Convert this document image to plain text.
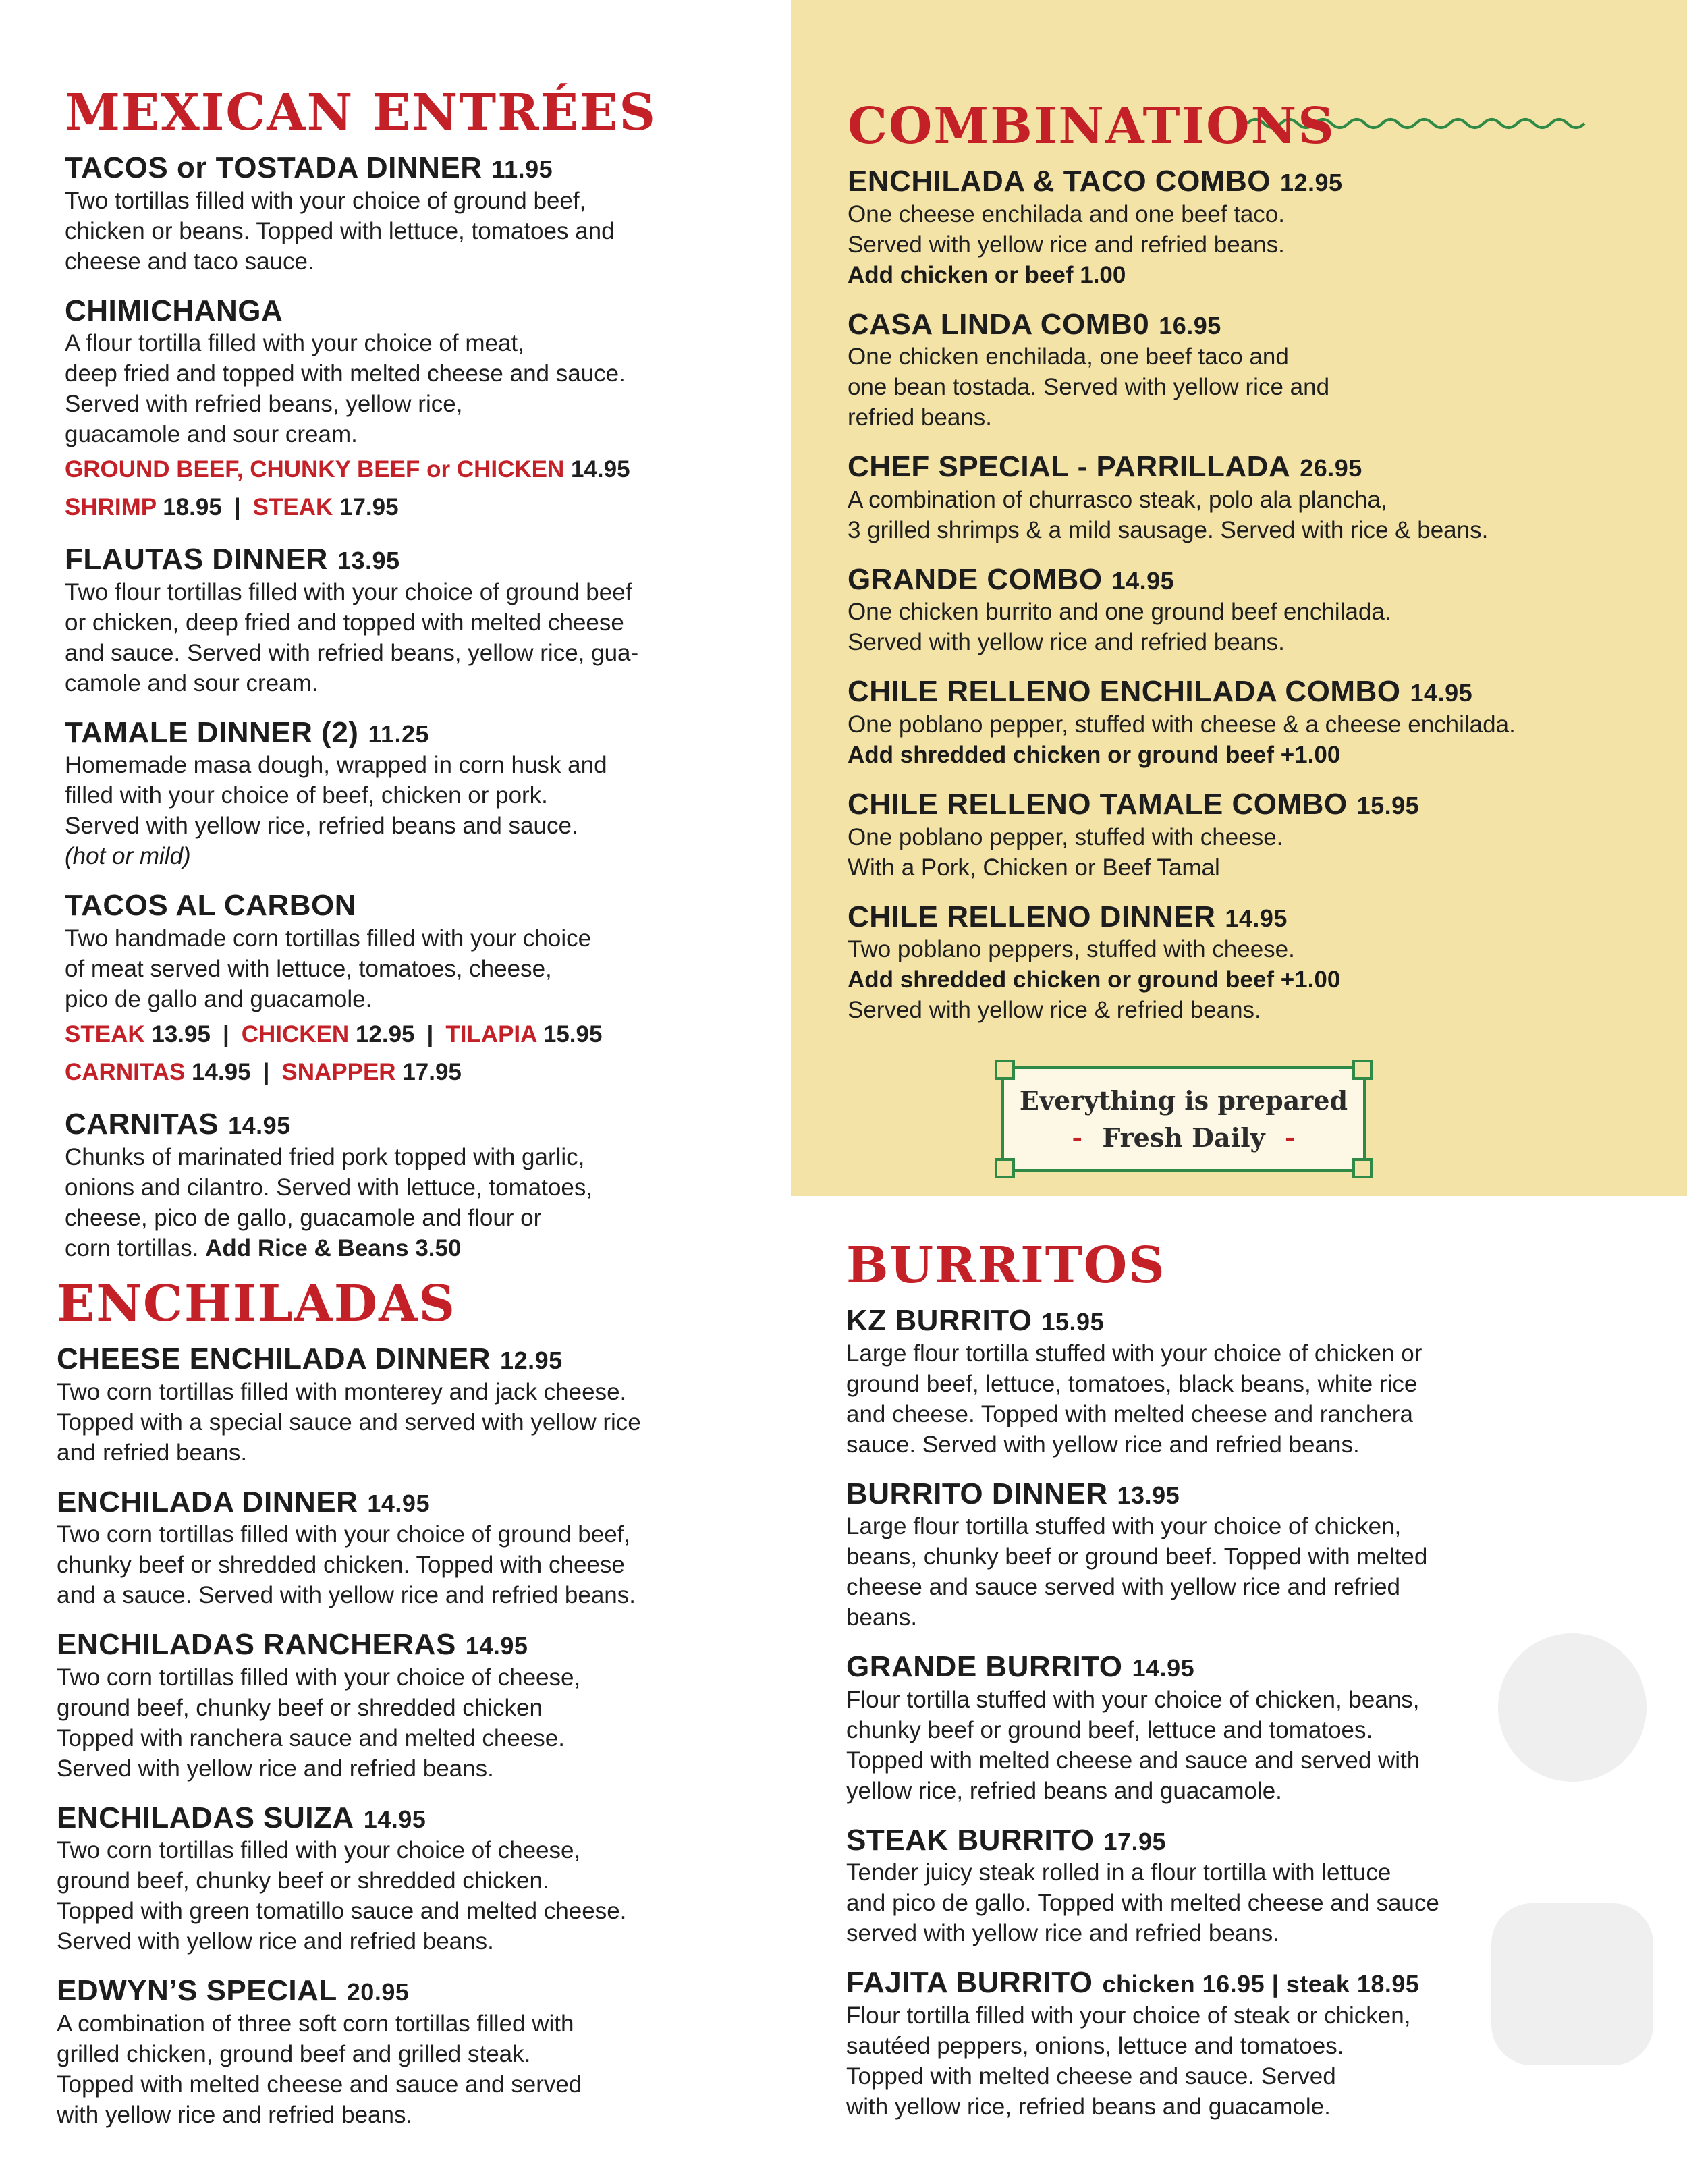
MEXICAN ENTRÉES
TACOS or TOSTADA DINNER 11.95
Two tortillas filled with your choice of ground beef,
chicken or beans. Topped with lettuce, tomatoes and
cheese and taco sauce.
CHIMICHANGA
A flour tortilla filled with your choice of meat,
deep fried and topped with melted cheese and sauce.
Served with refried beans, yellow rice,
guacamole and sour cream.
GROUND BEEF, CHUNKY BEEF or CHICKEN 14.95
SHRIMP 18.95 | STEAK 17.95
FLAUTAS DINNER 13.95
Two flour tortillas filled with your choice of ground beef
or chicken, deep fried and topped with melted cheese
and sauce. Served with refried beans, yellow rice, gua-
camole and sour cream.
TAMALE DINNER (2) 11.25
Homemade masa dough, wrapped in corn husk and
filled with your choice of beef, chicken or pork.
Served with yellow rice, refried beans and sauce.
(hot or mild)
TACOS AL CARBON
Two handmade corn tortillas filled with your choice
of meat served with lettuce, tomatoes, cheese,
pico de gallo and guacamole.
STEAK 13.95 | CHICKEN 12.95 | TILAPIA 15.95
CARNITAS 14.95 | SNAPPER 17.95
CARNITAS 14.95
Chunks of marinated fried pork topped with garlic,
onions and cilantro. Served with lettuce, tomatoes,
cheese, pico de gallo, guacamole and flour or
corn tortillas. Add Rice & Beans 3.50
ENCHILADAS
CHEESE ENCHILADA DINNER 12.95
Two corn tortillas filled with monterey and jack cheese.
Topped with a special sauce and served with yellow rice
and refried beans.
ENCHILADA DINNER 14.95
Two corn tortillas filled with your choice of ground beef,
chunky beef or shredded chicken. Topped with cheese
and a sauce. Served with yellow rice and refried beans.
ENCHILADAS RANCHERAS 14.95
Two corn tortillas filled with your choice of cheese,
ground beef, chunky beef or shredded chicken
Topped with ranchera sauce and melted cheese.
Served with yellow rice and refried beans.
ENCHILADAS SUIZA 14.95
Two corn tortillas filled with your choice of cheese,
ground beef, chunky beef or shredded chicken.
Topped with green tomatillo sauce and melted cheese.
Served with yellow rice and refried beans.
EDWYN’S SPECIAL 20.95
A combination of three soft corn tortillas filled with
grilled chicken, ground beef and grilled steak.
Topped with melted cheese and sauce and served
with yellow rice and refried beans.
COMBINATIONS
ENCHILADA & TACO COMBO 12.95
One cheese enchilada and one beef taco.
Served with yellow rice and refried beans.
Add chicken or beef 1.00
CASA LINDA COMB0 16.95
One chicken enchilada, one beef taco and
one bean tostada. Served with yellow rice and
refried beans.
CHEF SPECIAL - PARRILLADA 26.95
A combination of churrasco steak, polo ala plancha,
3 grilled shrimps & a mild sausage. Served with rice & beans.
GRANDE COMBO 14.95
One chicken burrito and one ground beef enchilada.
Served with yellow rice and refried beans.
CHILE RELLENO ENCHILADA COMBO 14.95
One poblano pepper, stuffed with cheese & a cheese enchilada.
Add shredded chicken or ground beef +1.00
CHILE RELLENO TAMALE COMBO 15.95
One poblano pepper, stuffed with cheese.
With a Pork, Chicken or Beef Tamal
CHILE RELLENO DINNER 14.95
Two poblano peppers, stuffed with cheese.
Add shredded chicken or ground beef +1.00
Served with yellow rice & refried beans.
BURRITOS
KZ BURRITO 15.95
Large flour tortilla stuffed with your choice of chicken or
ground beef, lettuce, tomatoes, black beans, white rice
and cheese. Topped with melted cheese and ranchera
sauce. Served with yellow rice and refried beans.
BURRITO DINNER 13.95
Large flour tortilla stuffed with your choice of chicken,
beans, chunky beef or ground beef. Topped with melted
cheese and sauce served with yellow rice and refried
beans.
GRANDE BURRITO 14.95
Flour tortilla stuffed with your choice of chicken, beans,
chunky beef or ground beef, lettuce and tomatoes.
Topped with melted cheese and sauce and served with
yellow rice, refried beans and guacamole.
STEAK BURRITO 17.95
Tender juicy steak rolled in a flour tortilla with lettuce
and pico de gallo. Topped with melted cheese and sauce
served with yellow rice and refried beans.
FAJITA BURRITO chicken 16.95 | steak 18.95
Flour tortilla filled with your choice of steak or chicken,
sautéed peppers, onions, lettuce and tomatoes.
Topped with melted cheese and sauce. Served
with yellow rice, refried beans and guacamole.
Everything is prepared
- Fresh Daily -
